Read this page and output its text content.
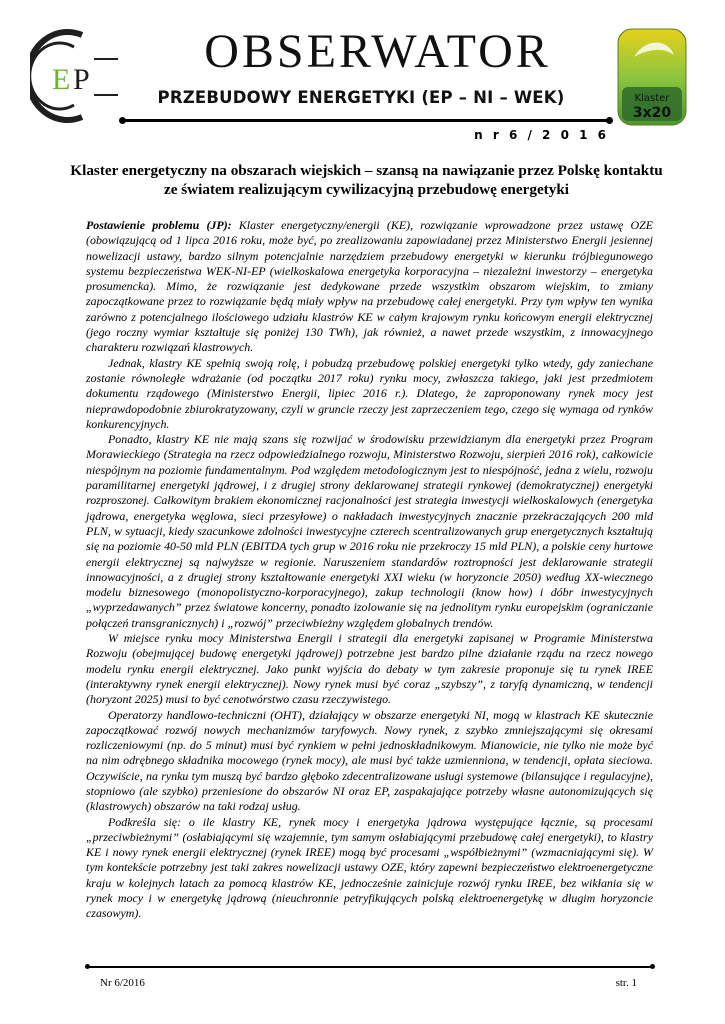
E P
OBSERWATOR
PRZEBUDOWY ENERGETYKI (EP – NI – WEK)
n r 6 / 2 0 1 6
Klaster
3x20
Klaster energetyczny na obszarach wiejskich – szansą na nawiązanie przez Polskę kontaktu ze światem realizującym cywilizacyjną przebudowę energetyki

Postawienie problemu (JP): Klaster energetyczny/energii (KE), rozwiązanie wprowadzone przez ustawę OZE (obowiązującą od 1 lipca 2016 roku, może być, po zrealizowaniu zapowiadanej przez Ministerstwo Energii jesiennej nowelizacji ustawy, bardzo silnym potencjalnie narzędziem przebudowy energetyki w kierunku trójbiegunowego systemu bezpieczeństwa WEK-NI-EP (wielkoskalowa energetyka korporacyjna – niezależni inwestorzy – energetyka prosumencka). Mimo, że rozwiązanie jest dedykowane przede wszystkim obszarom wiejskim, to zmiany zapoczątkowane przez to rozwiązanie będą miały wpływ na przebudowę całej energetyki. Przy tym wpływ ten wynika zarówno z potencjalnego ilościowego udziału klastrów KE w całym krajowym rynku końcowym energii elektrycznej (jego roczny wymiar kształtuje się poniżej 130 TWh), jak również, a nawet przede wszystkim, z innowacyjnego charakteru rozwiązań klastrowych.

Jednak, klastry KE spełnią swoją rolę, i pobudzą przebudowę polskiej energetyki tylko wtedy, gdy zaniechane zostanie równoległe wdrażanie (od początku 2017 roku) rynku mocy, zwłaszcza takiego, jaki jest przedmiotem dokumentu rządowego (Ministerstwo Energii, lipiec 2016 r.). Dlatego, że zaproponowany rynek mocy jest nieprawdopodobnie zbiurokratyzowany, czyli w gruncie rzeczy jest zaprzeczeniem tego, czego się wymaga od rynków konkurencyjnych.

Ponadto, klastry KE nie mają szans się rozwijać w środowisku przewidzianym dla energetyki przez Program Morawieckiego (Strategia na rzecz odpowiedzialnego rozwoju, Ministerstwo Rozwoju, sierpień 2016 rok), całkowicie niespójnym na poziomie fundamentalnym. Pod względem metodologicznym jest to niespójność, jedna z wielu, rozwoju paramilitarnej energetyki jądrowej, i z drugiej strony deklarowanej strategii rynkowej (demokratycznej) energetyki rozproszonej. Całkowitym brakiem ekonomicznej racjonalności jest strategia inwestycji wielkoskalowych (energetyka jądrowa, energetyka węglowa, sieci przesyłowe) o nakładach inwestycyjnych znacznie przekraczających 200 mld PLN, w sytuacji, kiedy szacunkowe zdolności inwestycyjne czterech scentralizowanych grup energetycznych kształtują się na poziomie 40-50 mld PLN (EBITDA tych grup w 2016 roku nie przekroczy 15 mld PLN), a polskie ceny hurtowe energii elektrycznej są najwyższe w regionie. Naruszeniem standardów roztropności jest deklarowanie strategii innowacyjności, a z drugiej strony kształtowanie energetyki XXI wieku (w horyzoncie 2050) według XX-wiecznego modelu biznesowego (monopolistyczno-korporacyjnego), zakup technologii (know how) i dóbr inwestycyjnych „wyprzedawanych” przez światowe koncerny, ponadto izolowanie się na jednolitym rynku europejskim (ograniczanie połączeń transgranicznych) i „rozwój” przeciwbieżny względem globalnych trendów.

W miejsce rynku mocy Ministerstwa Energii i strategii dla energetyki zapisanej w Programie Ministerstwa Rozwoju (obejmującej budowę energetyki jądrowej) potrzebne jest bardzo pilne działanie rządu na rzecz nowego modelu rynku energii elektrycznej. Jako punkt wyjścia do debaty w tym zakresie proponuje się tu rynek IREE (interaktywny rynek energii elektrycznej). Nowy rynek musi być coraz „szybszy”, z taryfą dynamiczną, w tendencji (horyzont 2025) musi to być cenotwórstwo czasu rzeczywistego.

Operatorzy handlowo-techniczni (OHT), działający w obszarze energetyki NI, mogą w klastrach KE skutecznie zapoczątkować rozwój nowych mechanizmów taryfowych. Nowy rynek, z szybko zmniejszającymi się okresami rozliczeniowymi (np. do 5 minut) musi być rynkiem w pełni jednoskładnikowym. Mianowicie, nie tylko nie może być na nim odrębnego składnika mocowego (rynek mocy), ale musi być także uzmienniona, w tendencji, opłata sieciowa. Oczywiście, na rynku tym muszą być bardzo głęboko zdecentralizowane usługi systemowe (bilansujące i regulacyjne), stopniowo (ale szybko) przeniesione do obszarów NI oraz EP, zaspakajające potrzeby własne autonomizujących się (klastrowych) obszarów na taki rodzaj usług.

Podkreśla się: o ile klastry KE, rynek mocy i energetyka jądrowa występujące łącznie, są procesami „przeciwbieżnymi” (osłabiającymi się wzajemnie, tym samym osłabiającymi przebudowę całej energetyki), to klastry KE i nowy rynek energii elektrycznej (rynek IREE) mogą być procesami „współbieżnymi” (wzmacniającymi się). W tym kontekście potrzebny jest taki zakres nowelizacji ustawy OZE, który zapewni bezpieczeństwo elektroenergetyczne kraju w kolejnych latach za pomocą klastrów KE, jednocześnie zainicjuje rozwój rynku IREE, bez wikłania się w rynek mocy i w energetykę jądrową (nieuchronnie petryfikujących polską elektroenergetykę w długim horyzoncie czasowym).

Nr 6/2016	str. 1
